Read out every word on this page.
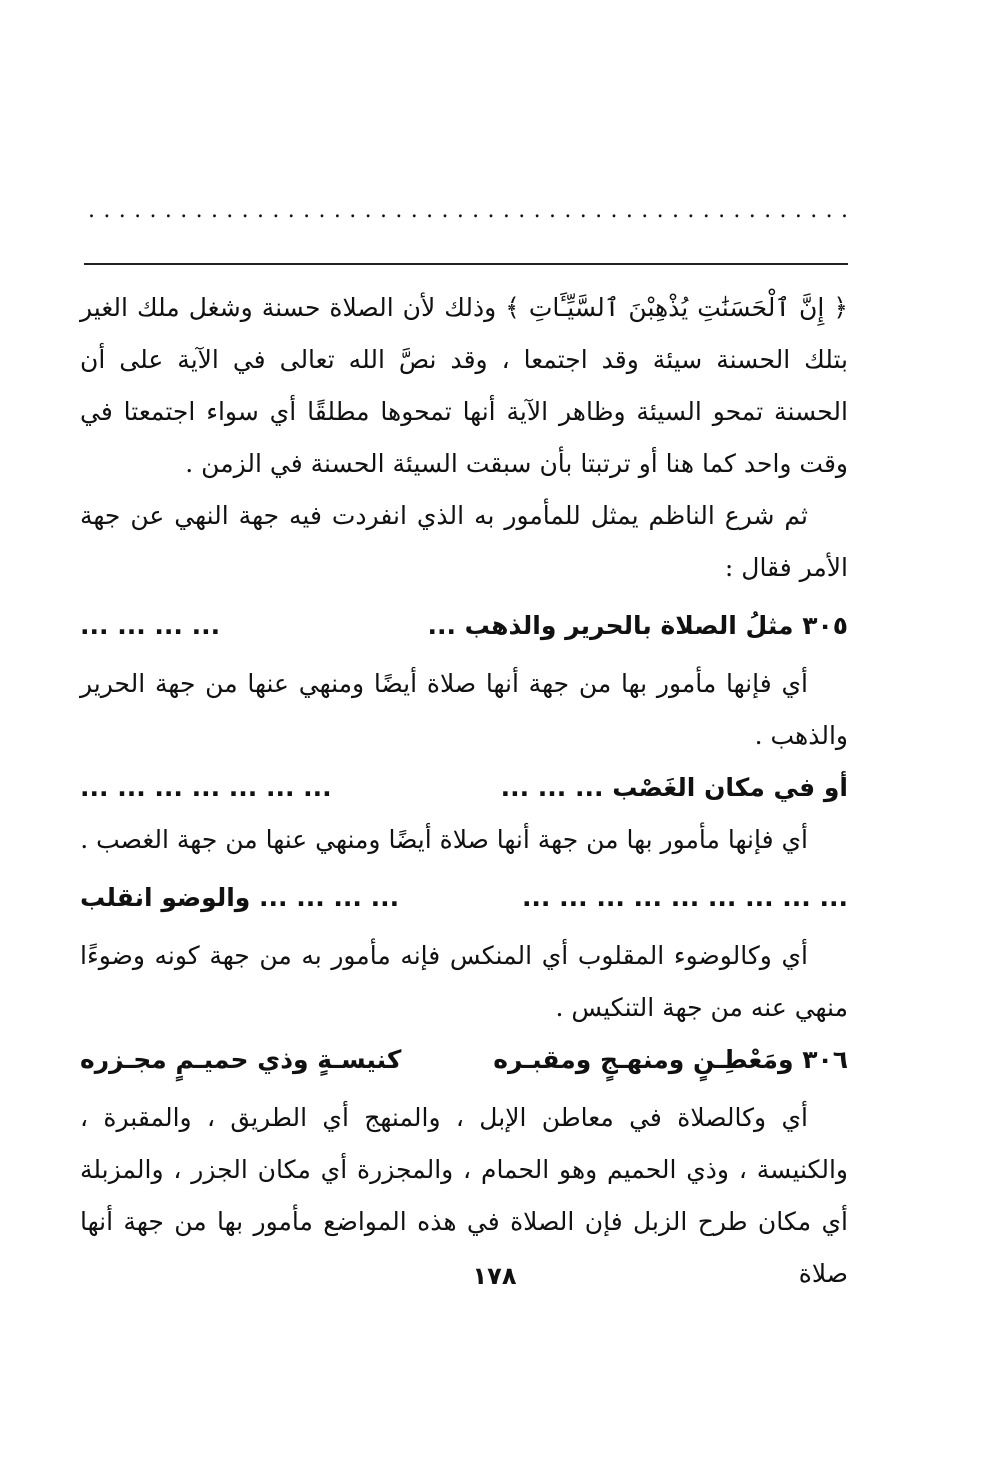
. . . . . . . . . . . . . . . . . . . . . . . . . . . . . . . . . . . . . . . . . . . . . . . . . .

﴿ إِنَّ ٱلْحَسَنَٰتِ يُذْهِبْنَ ٱلسَّيِّـَٔاتِ ﴾ وذلك لأن الصلاة حسنة وشغل ملك الغير بتلك الحسنة سيئة وقد اجتمعا ، وقد نصَّ الله تعالى في الآية على أن الحسنة تمحو السيئة وظاهر الآية أنها تمحوها مطلقًا أي سواء اجتمعتا في وقت واحد كما هنا أو ترتبتا بأن سبقت السيئة الحسنة في الزمن .

ثم شرع الناظم يمثل للمأمور به الذي انفردت فيه جهة النهي عن جهة الأمر فقال :

٣٠٥ مثلُ الصلاة بالحرير والذهب ...
... ... ... ...

أي فإنها مأمور بها من جهة أنها صلاة أيضًا ومنهي عنها من جهة الحرير والذهب .

أو في مكان الغَصْب ... ... ...
... ... ... ... ... ... ...

أي فإنها مأمور بها من جهة أنها صلاة أيضًا ومنهي عنها من جهة الغصب .

... ... ... ... ... ... ... ... ...
... ... ... ... والوضو انقلب

أي وكالوضوء المقلوب أي المنكس فإنه مأمور به من جهة كونه وضوءًا منهي عنه من جهة التنكيس .

٣٠٦ ومَعْطِـنٍ ومنهـجٍ ومقبـره
كنيسـةٍ وذي حميـمٍ مجـزره

أي وكالصلاة في معاطن الإبل ، والمنهج أي الطريق ، والمقبرة ، والكنيسة ، وذي الحميم وهو الحمام ، والمجزرة أي مكان الجزر ، والمزبلة أي مكان طرح الزبل فإن الصلاة في هذه المواضع مأمور بها من جهة أنها صلاة

١٧٨
